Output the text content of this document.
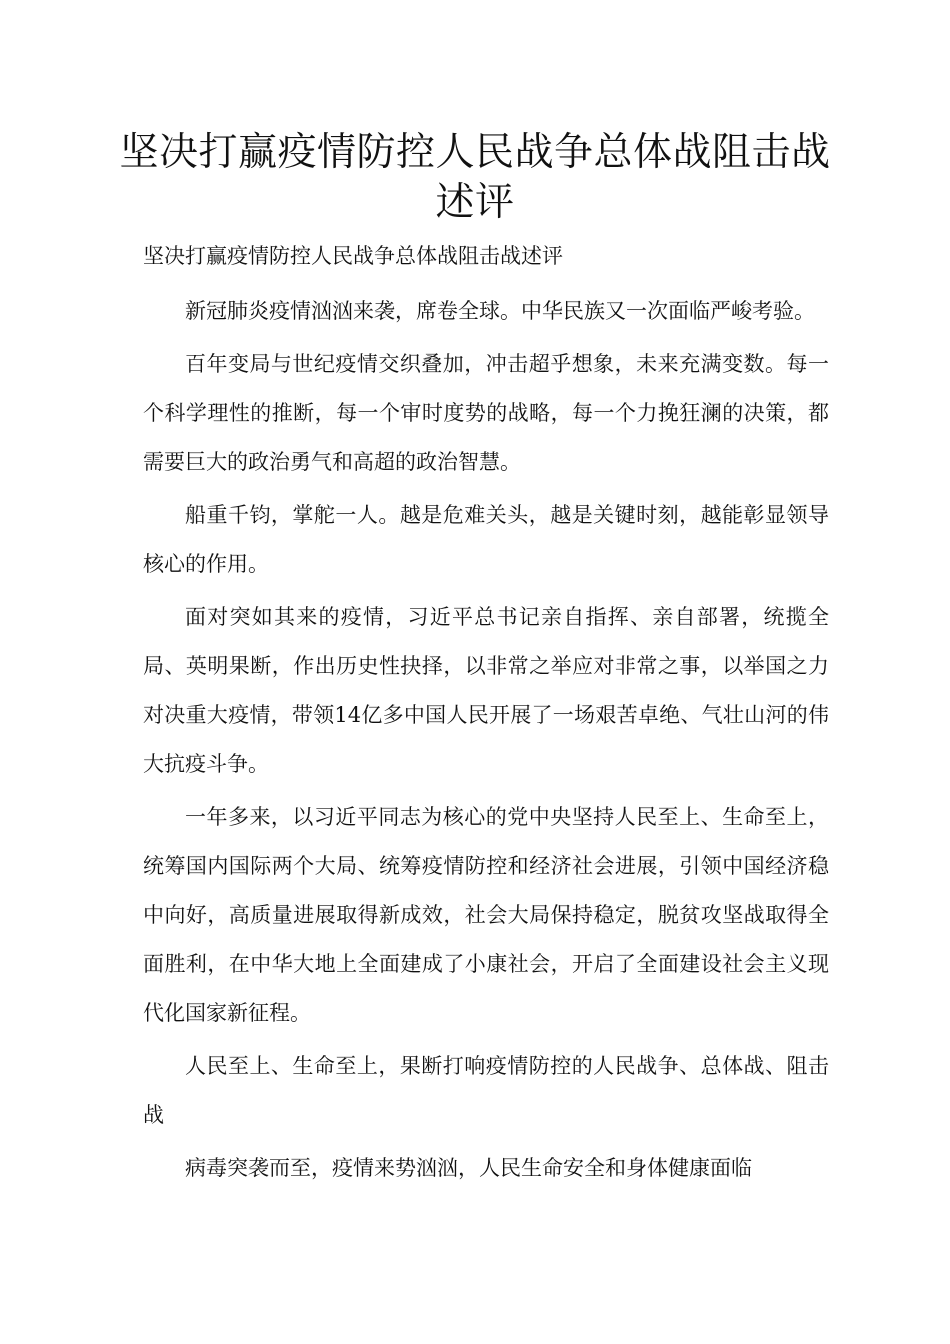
坚决打赢疫情防控人民战争总体战阻击战述评

坚决打赢疫情防控人民战争总体战阻击战述评

新冠肺炎疫情汹汹来袭，席卷全球。中华民族又一次面临严峻考验。

百年变局与世纪疫情交织叠加，冲击超乎想象，未来充满变数。每一个科学理性的推断，每一个审时度势的战略，每一个力挽狂澜的决策，都需要巨大的政治勇气和高超的政治智慧。

船重千钧，掌舵一人。越是危难关头，越是关键时刻，越能彰显领导核心的作用。

面对突如其来的疫情，习近平总书记亲自指挥、亲自部署，统揽全局、英明果断，作出历史性抉择，以非常之举应对非常之事，以举国之力对决重大疫情，带领14亿多中国人民开展了一场艰苦卓绝、气壮山河的伟大抗疫斗争。

一年多来，以习近平同志为核心的党中央坚持人民至上、生命至上，统筹国内国际两个大局、统筹疫情防控和经济社会进展，引领中国经济稳中向好，高质量进展取得新成效，社会大局保持稳定，脱贫攻坚战取得全面胜利，在中华大地上全面建成了小康社会，开启了全面建设社会主义现代化国家新征程。

人民至上、生命至上，果断打响疫情防控的人民战争、总体战、阻击战

病毒突袭而至，疫情来势汹汹，人民生命安全和身体健康面临
